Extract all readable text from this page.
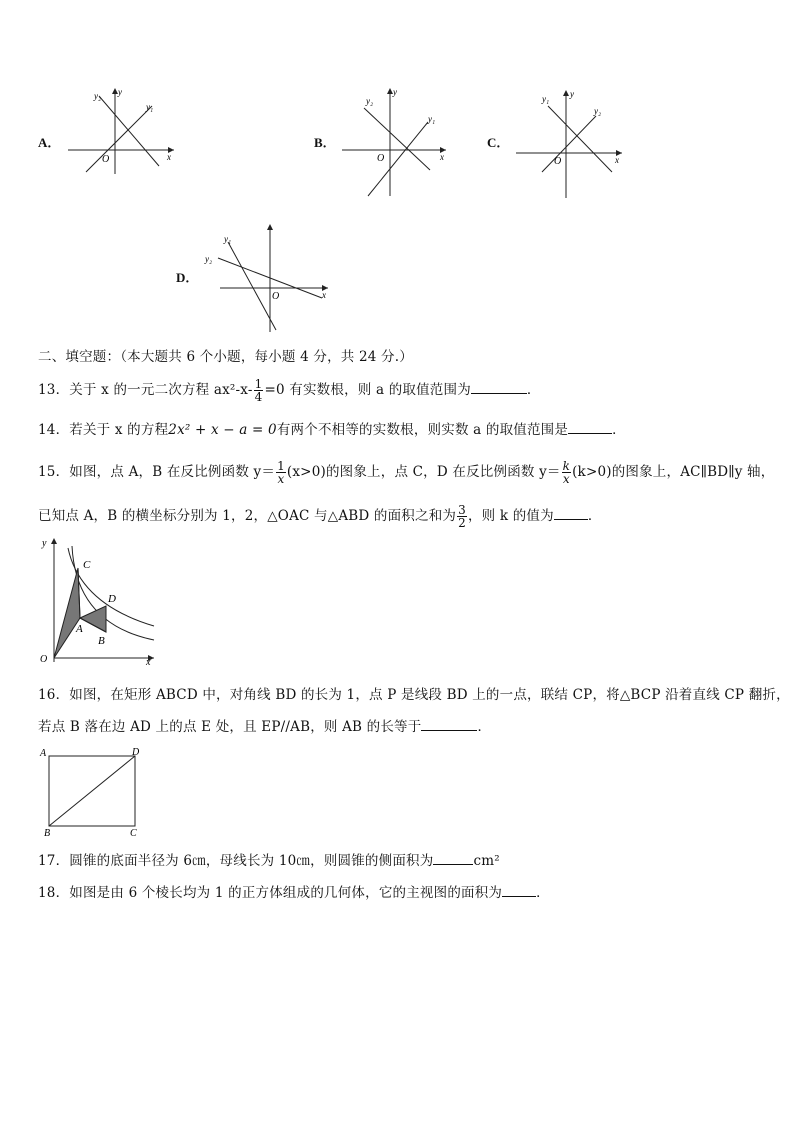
A．
y₂ y
y₁
O	x
B．
y₂
y
y₁
O	x
C．
y₁ y
y₂
O	x
D．
y₁
y₂
O	x
二、填空题：（本大题共 6 个小题，每小题 4 分，共 24 分.）
13．关于 x 的一元二次方程 $ax^2-x- \frac{1}{4} =0$ 有实数根，则 a 的取值范围为	．
14．若关于 x 的方程2x² + x − a = 0有两个不相等的实数根，则实数 a 的取值范围是	．
15．如图，点 A，B 在反比例函数 $y= \frac{1}{x} (x>0)$的图象上，点 C，D 在反比例函数 $y= \frac{k}{x} (k>0)$的图象上，AC∥BD∥y 轴，
已知点 A，B 的横坐标分别为 1，2，△OAC 与△ABD 的面积之和为 $\frac{3}{2}$ ，则 k 的值为	．
y
x
O
C
D
A
B
16．如图，在矩形 ABCD 中，对角线 BD 的长为 1，点 P 是线段 BD 上的一点，联结 CP，将△BCP 沿着直线 CP 翻折，
若点 B 落在边 AD 上的点 E 处，且 EP//AB，则 AB 的长等于	．
A	D
B	C
17．圆锥的底面半径为 6㎝，母线长为 10㎝，则圆锥的侧面积为	cm²
18．如图是由 6 个棱长均为 1 的正方体组成的几何体，它的主视图的面积为	．
